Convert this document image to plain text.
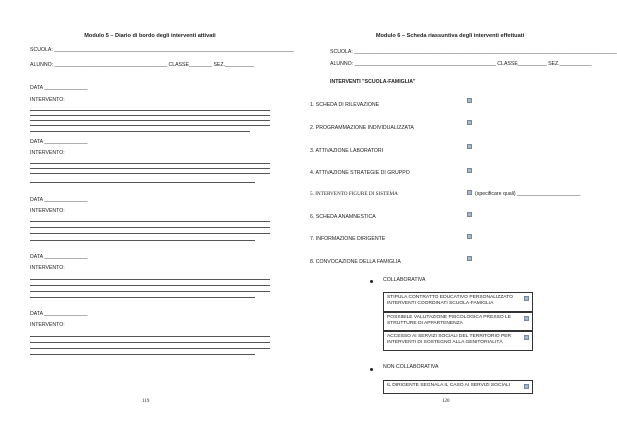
Modulo 5 – Diario di bordo degli interventi attivati
SCUOLA: ___________________________________________________________________________________
ALUNNO: _______________________________________ CLASSE________ SEZ.__________
DATA _______________
INTERVENTO:
DATA _______________
INTERVENTO:
DATA _______________
INTERVENTO:
DATA _______________
INTERVENTO:
DATA _______________
INTERVENTO:
119
Modulo 6 – Scheda riassuntiva degli interventi effettuati
SCUOLA: ___________________________________________________________________________________________
ALUNNO: _________________________________________________ CLASSE__________ SEZ.___________
INTERVENTI "SCUOLA-FAMIGLIA"
1. SCHEDA DI RILEVAZIONE
2. PROGRAMMAZIONE INDIVIDUALIZZATA
3. ATTIVAZIONE LABORATORI
4. ATTIVAZIONE STRATEGIE DI GRUPPO
5. INTERVENTO FIGURE DI SISTEMA	(specificare quali) ______________________
6. SCHEDA ANAMNESTICA
7. INFORMAZIONE DIRIGENTE
8. CONVOCAZIONE DELLA FAMIGLIA
COLLABORATIVA
STIPULA CONTRATTO EDUCATIVO PERSONALIZZATO INTERVENTI COORDINATI SCUOLA-FAMIGLIA
POSSIBILE VALUTAZIONE PSICOLOGICA PRESSO LE STRUTTURE DI APPARTENENZA
ACCESSO AI SERVIZI SOCIALI DEL TERRITORIO PER INTERVENTI DI SOSTEGNO ALLA GENITORIALITÀ
NON COLLABORATIVA
IL DIRIGENTE SEGNALA IL CASO AI SERVIZI SOCIALI
120
